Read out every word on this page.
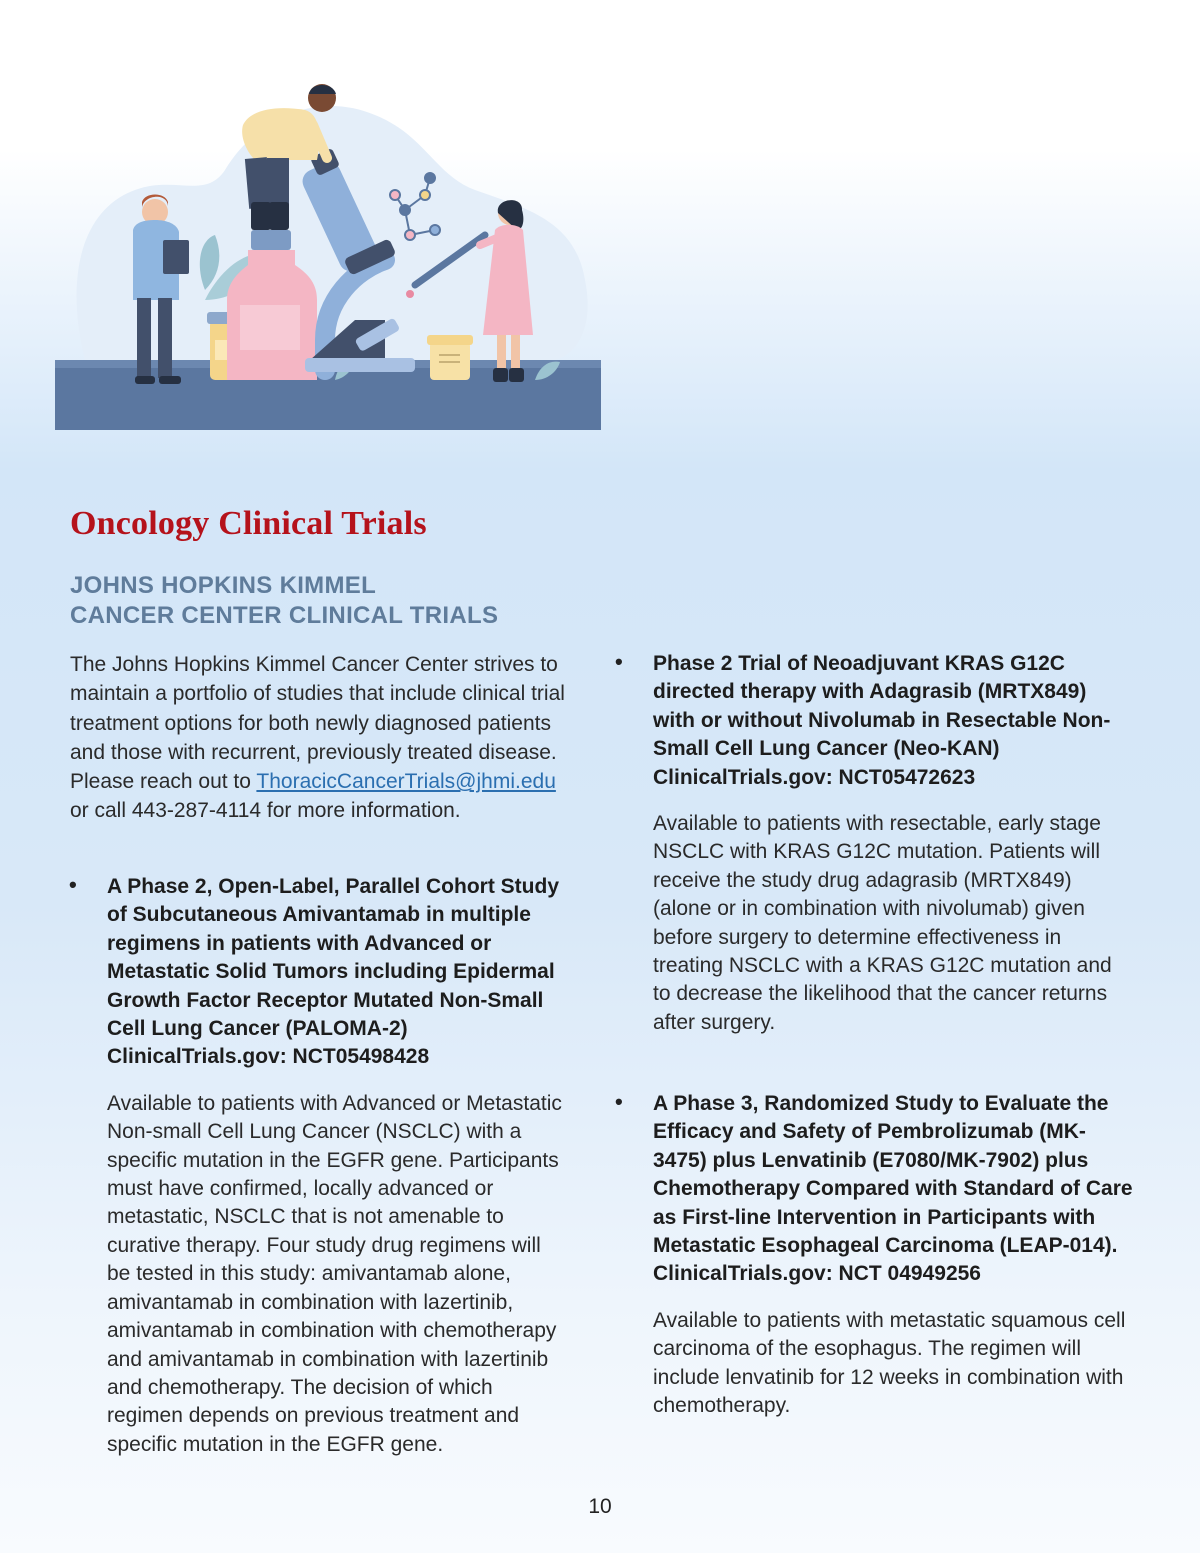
Oncology Clinical Trials
JOHNS HOPKINS KIMMEL
CANCER CENTER CLINICAL TRIALS

The Johns Hopkins Kimmel Cancer Center strives to maintain a portfolio of studies that include clinical trial treatment options for both newly diagnosed patients and those with recurrent, previously treated disease. Please reach out to ThoracicCancerTrials@jhmi.edu or call 443-287-4114 for more information.

• A Phase 2, Open-Label, Parallel Cohort Study of Subcutaneous Amivantamab in multiple regimens in patients with Advanced or Metastatic Solid Tumors including Epidermal Growth Factor Receptor Mutated Non-Small Cell Lung Cancer (PALOMA-2) ClinicalTrials.gov: NCT05498428

Available to patients with Advanced or Metastatic Non-small Cell Lung Cancer (NSCLC) with a specific mutation in the EGFR gene. Participants must have confirmed, locally advanced or metastatic, NSCLC that is not amenable to curative therapy. Four study drug regimens will be tested in this study: amivantamab alone, amivantamab in combination with lazertinib, amivantamab in combination with chemotherapy and amivantamab in combination with lazertinib and chemotherapy. The decision of which regimen depends on previous treatment and specific mutation in the EGFR gene.

• Phase 2 Trial of Neoadjuvant KRAS G12C directed therapy with Adagrasib (MRTX849) with or without Nivolumab in Resectable Non-Small Cell Lung Cancer (Neo-KAN) ClinicalTrials.gov: NCT05472623

Available to patients with resectable, early stage NSCLC with KRAS G12C mutation. Patients will receive the study drug adagrasib (MRTX849) (alone or in combination with nivolumab) given before surgery to determine effectiveness in treating NSCLC with a KRAS G12C mutation and to decrease the likelihood that the cancer returns after surgery.

• A Phase 3, Randomized Study to Evaluate the Efficacy and Safety of Pembrolizumab (MK-3475) plus Lenvatinib (E7080/MK-7902) plus Chemotherapy Compared with Standard of Care as First-line Intervention in Participants with Metastatic Esophageal Carcinoma (LEAP-014). ClinicalTrials.gov: NCT 04949256

Available to patients with metastatic squamous cell carcinoma of the esophagus. The regimen will include lenvatinib for 12 weeks in combination with chemotherapy.

10
